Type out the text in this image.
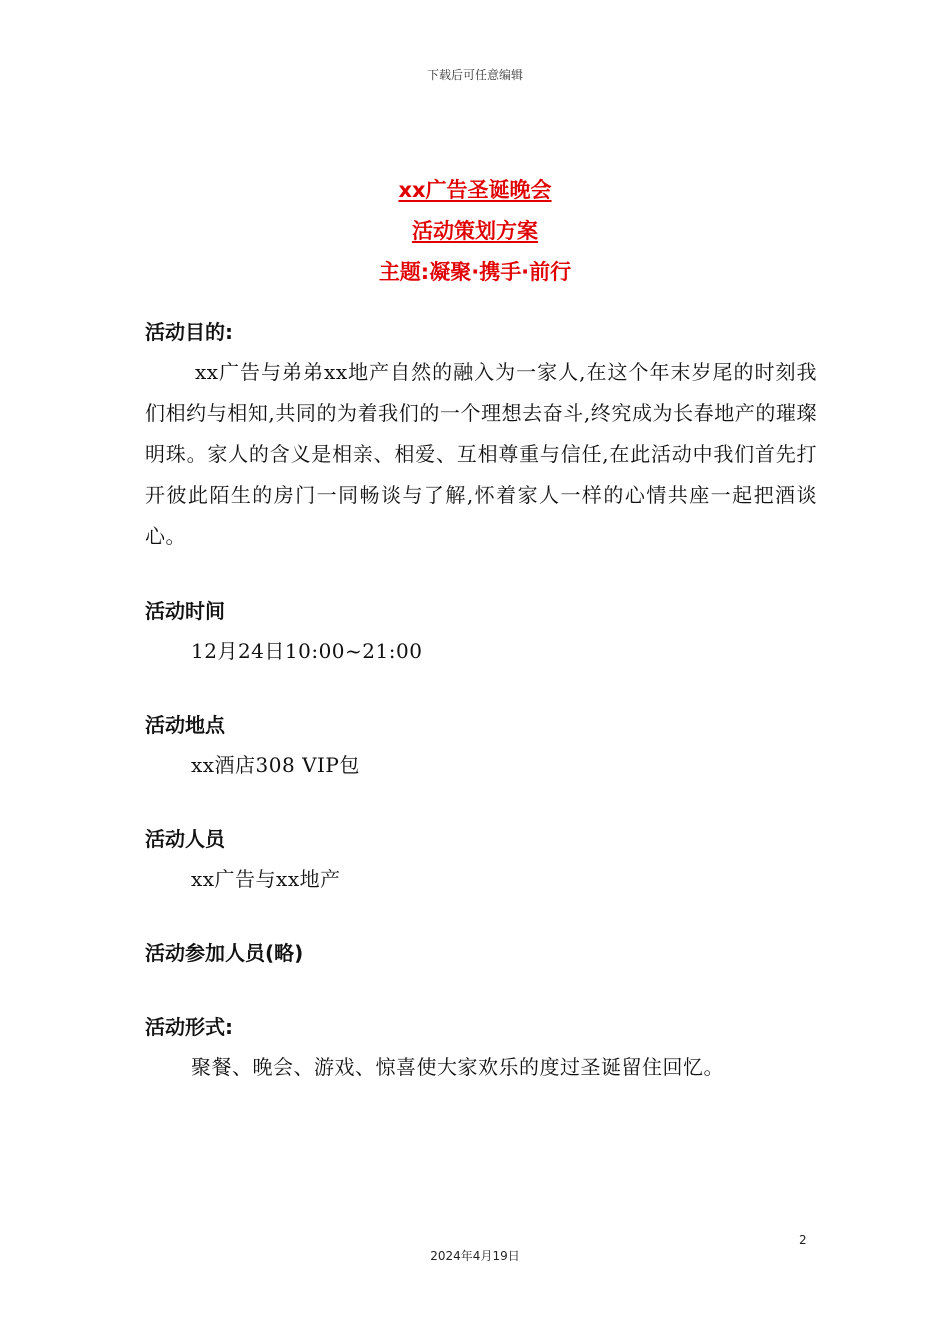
下载后可任意编辑
xx广告圣诞晚会
活动策划方案
主题:凝聚·携手·前行

活动目的:

xx广告与弟弟xx地产自然的融入为一家人,在这个年末岁尾的时刻我们相约与相知,共同的为着我们的一个理想去奋斗,终究成为长春地产的璀璨明珠。家人的含义是相亲、相爱、互相尊重与信任,在此活动中我们首先打开彼此陌生的房门一同畅谈与了解,怀着家人一样的心情共座一起把酒谈心。

活动时间

12月24日10:00~21:00

活动地点

xx酒店308 VIP包

活动人员

xx广告与xx地产

活动参加人员(略)

活动形式:

聚餐、晚会、游戏、惊喜使大家欢乐的度过圣诞留住回忆。

2
2024年4月19日
